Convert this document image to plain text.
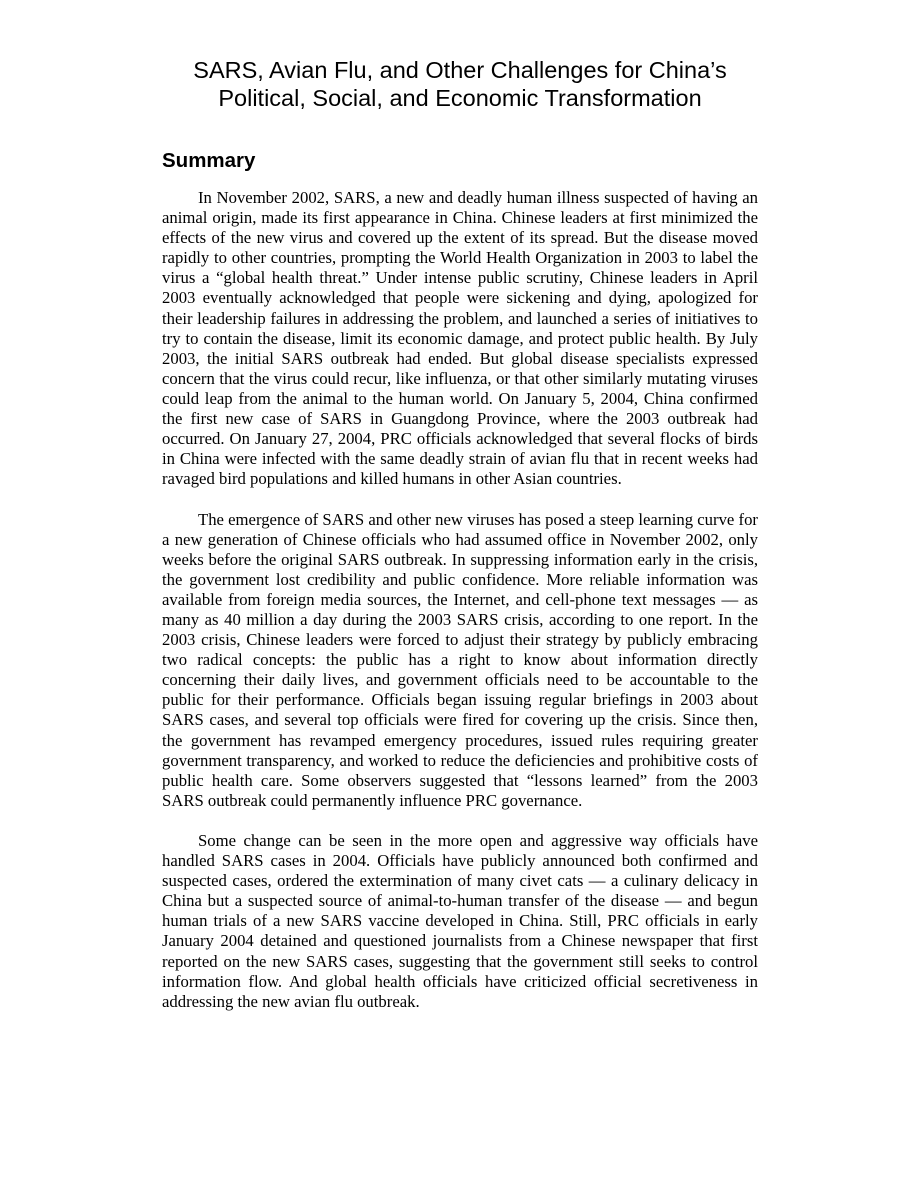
SARS, Avian Flu, and Other Challenges for China’s
Political, Social, and Economic Transformation
Summary

In November 2002, SARS, a new and deadly human illness suspected of having an animal origin, made its first appearance in China. Chinese leaders at first minimized the effects of the new virus and covered up the extent of its spread. But the disease moved rapidly to other countries, prompting the World Health Organization in 2003 to label the virus a “global health threat.” Under intense public scrutiny, Chinese leaders in April 2003 eventually acknowledged that people were sickening and dying, apologized for their leadership failures in addressing the problem, and launched a series of initiatives to try to contain the disease, limit its economic damage, and protect public health. By July 2003, the initial SARS outbreak had ended. But global disease specialists expressed concern that the virus could recur, like influenza, or that other similarly mutating viruses could leap from the animal to the human world. On January 5, 2004, China confirmed the first new case of SARS in Guangdong Province, where the 2003 outbreak had occurred. On January 27, 2004, PRC officials acknowledged that several flocks of birds in China were infected with the same deadly strain of avian flu that in recent weeks had ravaged bird populations and killed humans in other Asian countries.

The emergence of SARS and other new viruses has posed a steep learning curve for a new generation of Chinese officials who had assumed office in November 2002, only weeks before the original SARS outbreak. In suppressing information early in the crisis, the government lost credibility and public confidence. More reliable information was available from foreign media sources, the Internet, and cell-phone text messages — as many as 40 million a day during the 2003 SARS crisis, according to one report. In the 2003 crisis, Chinese leaders were forced to adjust their strategy by publicly embracing two radical concepts: the public has a right to know about information directly concerning their daily lives, and government officials need to be accountable to the public for their performance. Officials began issuing regular briefings in 2003 about SARS cases, and several top officials were fired for covering up the crisis. Since then, the government has revamped emergency procedures, issued rules requiring greater government transparency, and worked to reduce the deficiencies and prohibitive costs of public health care. Some observers suggested that “lessons learned” from the 2003 SARS outbreak could permanently influence PRC governance.

Some change can be seen in the more open and aggressive way officials have handled SARS cases in 2004. Officials have publicly announced both confirmed and suspected cases, ordered the extermination of many civet cats — a culinary delicacy in China but a suspected source of animal-to-human transfer of the disease — and begun human trials of a new SARS vaccine developed in China. Still, PRC officials in early January 2004 detained and questioned journalists from a Chinese newspaper that first reported on the new SARS cases, suggesting that the government still seeks to control information flow. And global health officials have criticized official secretiveness in addressing the new avian flu outbreak.
